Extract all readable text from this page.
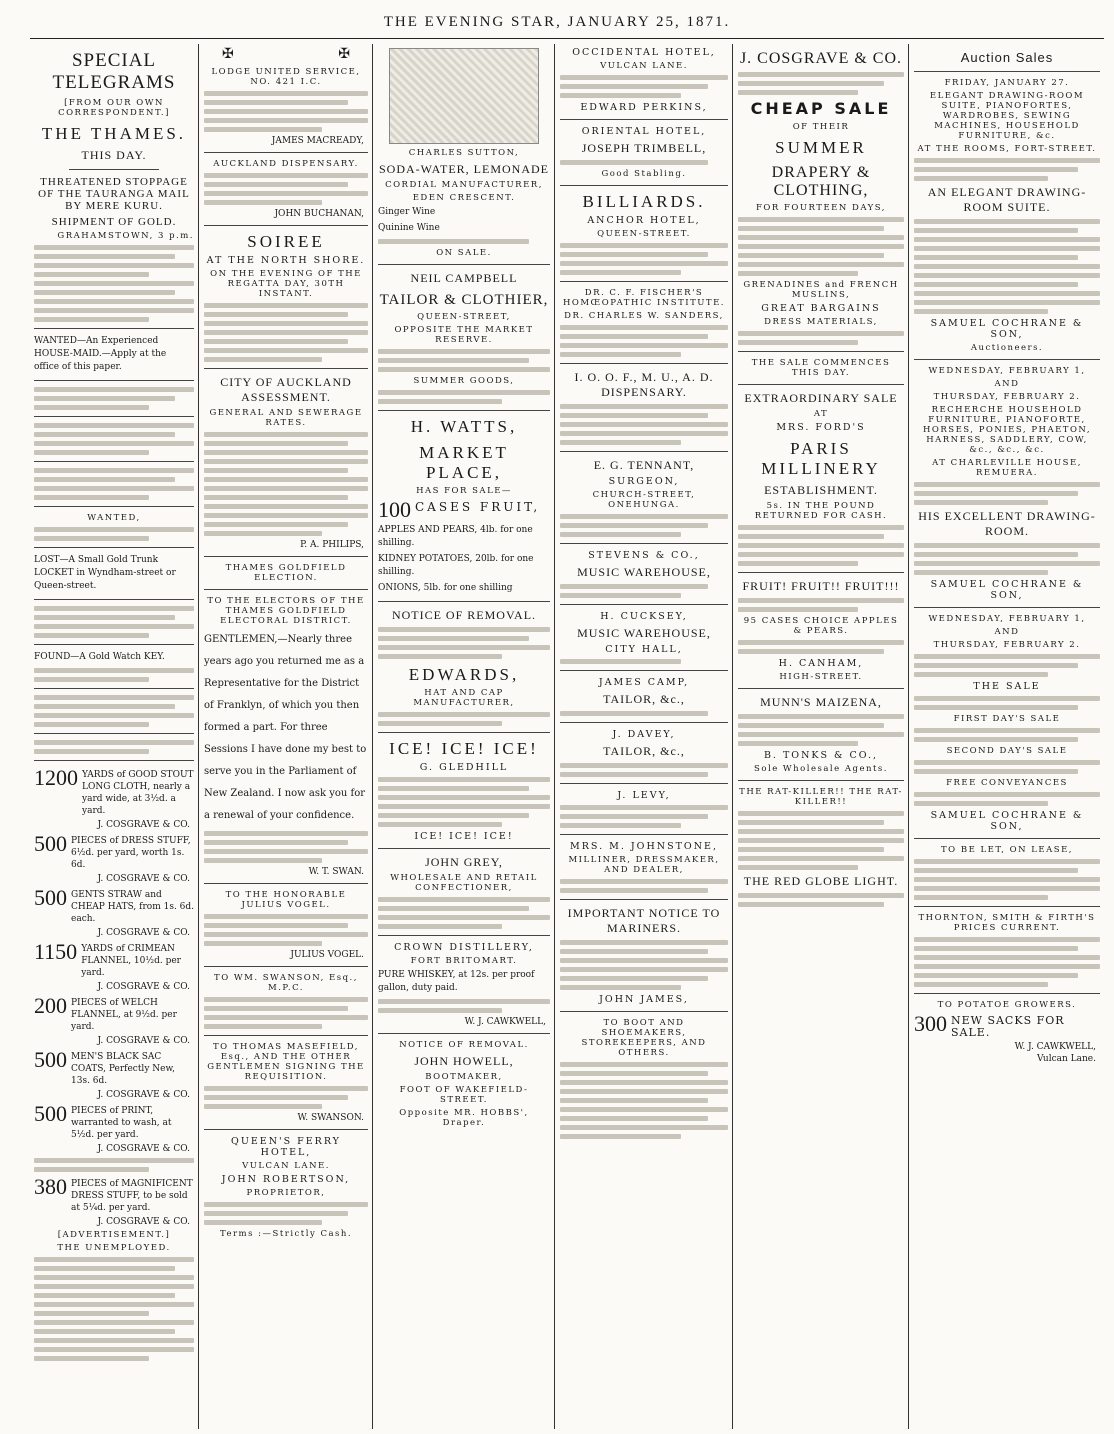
THE EVENING STAR, JANUARY 25, 1871.
SPECIAL TELEGRAMS
[FROM OUR OWN CORRESPONDENT.]
THE THAMES.
THIS DAY.
THREATENED STOPPAGE OF THE TAURANGA MAIL BY MERE KURU.
SHIPMENT OF GOLD.
GRAHAMSTOWN, 3 p.m.
WANTED—An Experienced HOUSE-MAID.—Apply at the office of this paper.
WANTED,
LOST—A Small Gold Trunk LOCKET in Wyndham-street or Queen-street.
FOUND—A Gold Watch KEY.
1200 YARDS of GOOD STOUT LONG CLOTH, nearly a yard wide, at 3½d. a yard.
J. COSGRAVE & CO.
500 PIECES of DRESS STUFF, 6½d. per yard, worth 1s. 6d.
J. COSGRAVE & CO.
500 GENTS STRAW and CHEAP HATS, from 1s. 6d. each.
J. COSGRAVE & CO.
1150 YARDS of CRIMEAN FLANNEL, 10½d. per yard.
J. COSGRAVE & CO.
200 PIECES of WELCH FLANNEL, at 9½d. per yard.
J. COSGRAVE & CO.
500 MEN'S BLACK SAC COATS, Perfectly New, 13s. 6d.
J. COSGRAVE & CO.
500 PIECES of PRINT, warranted to wash, at 5½d. per yard.
J. COSGRAVE & CO.
380 PIECES of MAGNIFICENT DRESS STUFF, to be sold at 5¼d. per yard.
J. COSGRAVE & CO.
[ADVERTISEMENT.]
THE UNEMPLOYED.
✠	✠
LODGE UNITED SERVICE, NO. 421 I.C.
JAMES MACREADY,
AUCKLAND DISPENSARY.
JOHN BUCHANAN,
SOIREE
AT THE NORTH SHORE.
ON THE EVENING OF THE REGATTA DAY, 30TH INSTANT.
CITY OF AUCKLAND ASSESSMENT.
GENERAL AND SEWERAGE RATES.
P. A. PHILIPS,
THAMES GOLDFIELD ELECTION.
TO THE ELECTORS OF THE THAMES GOLDFIELD ELECTORAL DISTRICT.
GENTLEMEN,—Nearly three years ago you returned me as a Representative for the District of Franklyn, of which you then formed a part. For three Sessions I have done my best to serve you in the Parliament of New Zealand. I now ask you for a renewal of your confidence.
W. T. SWAN.
TO THE HONORABLE JULIUS VOGEL.
JULIUS VOGEL.
TO WM. SWANSON, Esq., M.P.C.
TO THOMAS MASEFIELD, Esq., AND THE OTHER GENTLEMEN SIGNING THE REQUISITION.
W. SWANSON.
QUEEN'S FERRY HOTEL,
VULCAN LANE.
JOHN ROBERTSON,
PROPRIETOR,
Terms :—Strictly Cash.
CHARLES SUTTON,
SODA-WATER, LEMONADE
CORDIAL MANUFACTURER,
EDEN CRESCENT.
Ginger Wine
Quinine Wine
ON SALE.
NEIL CAMPBELL
TAILOR & CLOTHIER,
QUEEN-STREET,
OPPOSITE THE MARKET RESERVE.
SUMMER GOODS,
H. WATTS,
MARKET PLACE,
HAS FOR SALE—
100 CASES FRUIT,
APPLES AND PEARS, 4lb. for one shilling.
KIDNEY POTATOES, 20lb. for one shilling.
ONIONS, 5lb. for one shilling
NOTICE OF REMOVAL.
EDWARDS,
HAT AND CAP MANUFACTURER,
ICE! ICE! ICE!
G. GLEDHILL
ICE! ICE! ICE!
JOHN GREY,
WHOLESALE AND RETAIL CONFECTIONER,
CROWN DISTILLERY,
FORT BRITOMART.
PURE WHISKEY, at 12s. per proof gallon, duty paid.
W. J. CAWKWELL,
NOTICE OF REMOVAL.
JOHN HOWELL,
BOOTMAKER,
FOOT OF WAKEFIELD-STREET.
Opposite MR. HOBBS', Draper.
OCCIDENTAL HOTEL,
VULCAN LANE.
EDWARD PERKINS,
ORIENTAL HOTEL,
JOSEPH TRIMBELL,
Good Stabling.
BILLIARDS.
ANCHOR HOTEL,
QUEEN-STREET.
DR. C. F. FISCHER'S HOMŒOPATHIC INSTITUTE.
DR. CHARLES W. SANDERS,
I. O. O. F., M. U., A. D. DISPENSARY.
E. G. TENNANT,
SURGEON,
CHURCH-STREET, ONEHUNGA.
STEVENS & CO.,
MUSIC WAREHOUSE,
H. CUCKSEY,
MUSIC WAREHOUSE,
CITY HALL,
JAMES CAMP,
TAILOR, &c.,
J. DAVEY,
TAILOR, &c.,
J. LEVY,
MRS. M. JOHNSTONE,
MILLINER, DRESSMAKER, AND DEALER,
IMPORTANT NOTICE TO MARINERS.
JOHN JAMES,
TO BOOT AND SHOEMAKERS, STOREKEEPERS, AND OTHERS.
J. COSGRAVE & CO.
CHEAP SALE
OF THEIR
SUMMER
DRAPERY & CLOTHING,
FOR FOURTEEN DAYS,
GRENADINES and FRENCH MUSLINS,
GREAT BARGAINS
DRESS MATERIALS,
THE SALE COMMENCES THIS DAY.
EXTRAORDINARY SALE
AT
MRS. FORD'S
PARIS MILLINERY
ESTABLISHMENT.
5s. IN THE POUND RETURNED FOR CASH.
FRUIT! FRUIT!! FRUIT!!!
95 CASES CHOICE APPLES & PEARS.
H. CANHAM,
HIGH-STREET.
MUNN'S MAIZENA,
B. TONKS & CO.,
Sole Wholesale Agents.
THE RAT-KILLER!! THE RAT-KILLER!!
THE RED GLOBE LIGHT.
Auction Sales
FRIDAY, JANUARY 27.
ELEGANT DRAWING-ROOM SUITE, PIANOFORTES, WARDROBES, SEWING MACHINES, HOUSEHOLD FURNITURE, &c.
AT THE ROOMS, FORT-STREET.
AN ELEGANT DRAWING-ROOM SUITE.
SAMUEL COCHRANE & SON,
Auctioneers.
WEDNESDAY, FEBRUARY 1,
AND
THURSDAY, FEBRUARY 2.
RECHERCHE HOUSEHOLD FURNITURE, PIANOFORTE, HORSES, PONIES, PHAETON, HARNESS, SADDLERY, COW, &c., &c., &c.
AT CHARLEVILLE HOUSE, REMUERA.
HIS EXCELLENT DRAWING-ROOM.
SAMUEL COCHRANE & SON,
WEDNESDAY, FEBRUARY 1,
AND
THURSDAY, FEBRUARY 2.
THE SALE
FIRST DAY'S SALE
SECOND DAY'S SALE
FREE CONVEYANCES
SAMUEL COCHRANE & SON,
TO BE LET, ON LEASE,
THORNTON, SMITH & FIRTH'S PRICES CURRENT.
TO POTATOE GROWERS.
300 NEW SACKS FOR SALE.
W. J. CAWKWELL,
Vulcan Lane.
